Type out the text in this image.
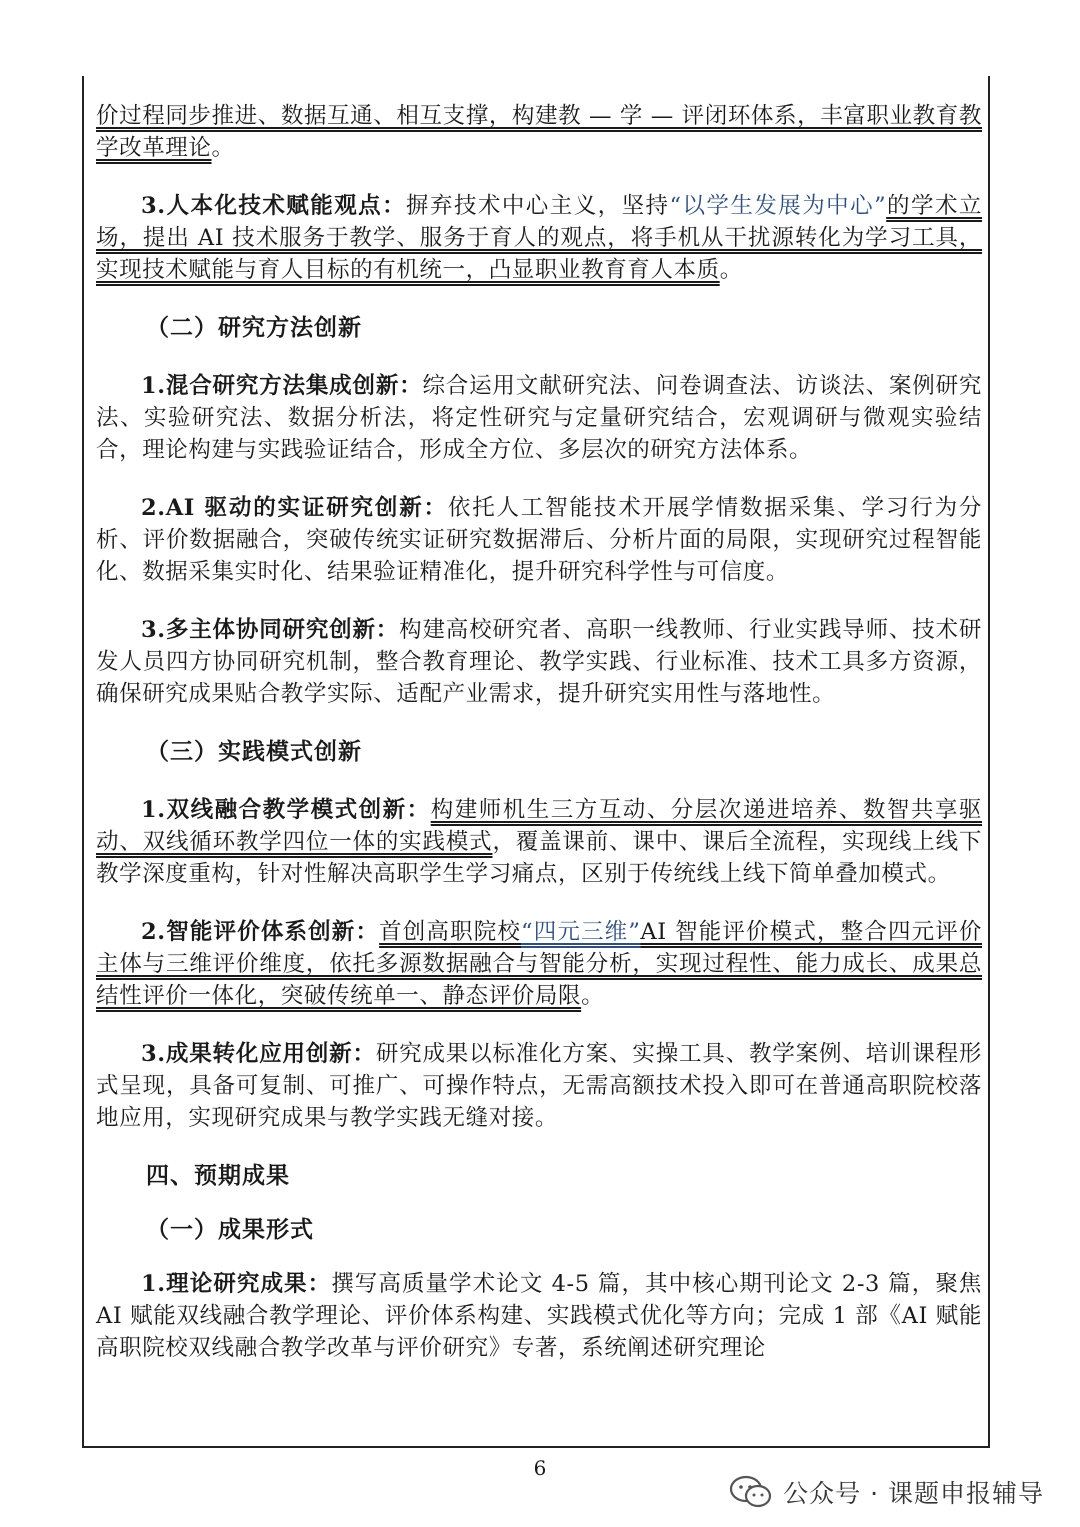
价过程同步推进、数据互通、相互支撑，构建教 — 学 — 评闭环体系，丰富职业教育教学改革理论。

3.人本化技术赋能观点：摒弃技术中心主义，坚持“以学生发展为中心”的学术立场，提出 AI 技术服务于教学、服务于育人的观点，将手机从干扰源转化为学习工具，实现技术赋能与育人目标的有机统一，凸显职业教育育人本质。

（二）研究方法创新

1.混合研究方法集成创新：综合运用文献研究法、问卷调查法、访谈法、案例研究法、实验研究法、数据分析法，将定性研究与定量研究结合，宏观调研与微观实验结合，理论构建与实践验证结合，形成全方位、多层次的研究方法体系。

2.AI 驱动的实证研究创新：依托人工智能技术开展学情数据采集、学习行为分析、评价数据融合，突破传统实证研究数据滞后、分析片面的局限，实现研究过程智能化、数据采集实时化、结果验证精准化，提升研究科学性与可信度。

3.多主体协同研究创新：构建高校研究者、高职一线教师、行业实践导师、技术研发人员四方协同研究机制，整合教育理论、教学实践、行业标准、技术工具多方资源，确保研究成果贴合教学实际、适配产业需求，提升研究实用性与落地性。

（三）实践模式创新

1.双线融合教学模式创新：构建师机生三方互动、分层次递进培养、数智共享驱动、双线循环教学四位一体的实践模式，覆盖课前、课中、课后全流程，实现线上线下教学深度重构，针对性解决高职学生学习痛点，区别于传统线上线下简单叠加模式。

2.智能评价体系创新：首创高职院校“四元三维”AI 智能评价模式，整合四元评价主体与三维评价维度，依托多源数据融合与智能分析，实现过程性、能力成长、成果总结性评价一体化，突破传统单一、静态评价局限。

3.成果转化应用创新：研究成果以标准化方案、实操工具、教学案例、培训课程形式呈现，具备可复制、可推广、可操作特点，无需高额技术投入即可在普通高职院校落地应用，实现研究成果与教学实践无缝对接。

四、预期成果

（一）成果形式

1.理论研究成果：撰写高质量学术论文 4-5 篇，其中核心期刊论文 2-3 篇，聚焦 AI 赋能双线融合教学理论、评价体系构建、实践模式优化等方向；完成 1 部《AI 赋能高职院校双线融合教学改革与评价研究》专著，系统阐述研究理论

6
公众号 · 课题申报辅导
